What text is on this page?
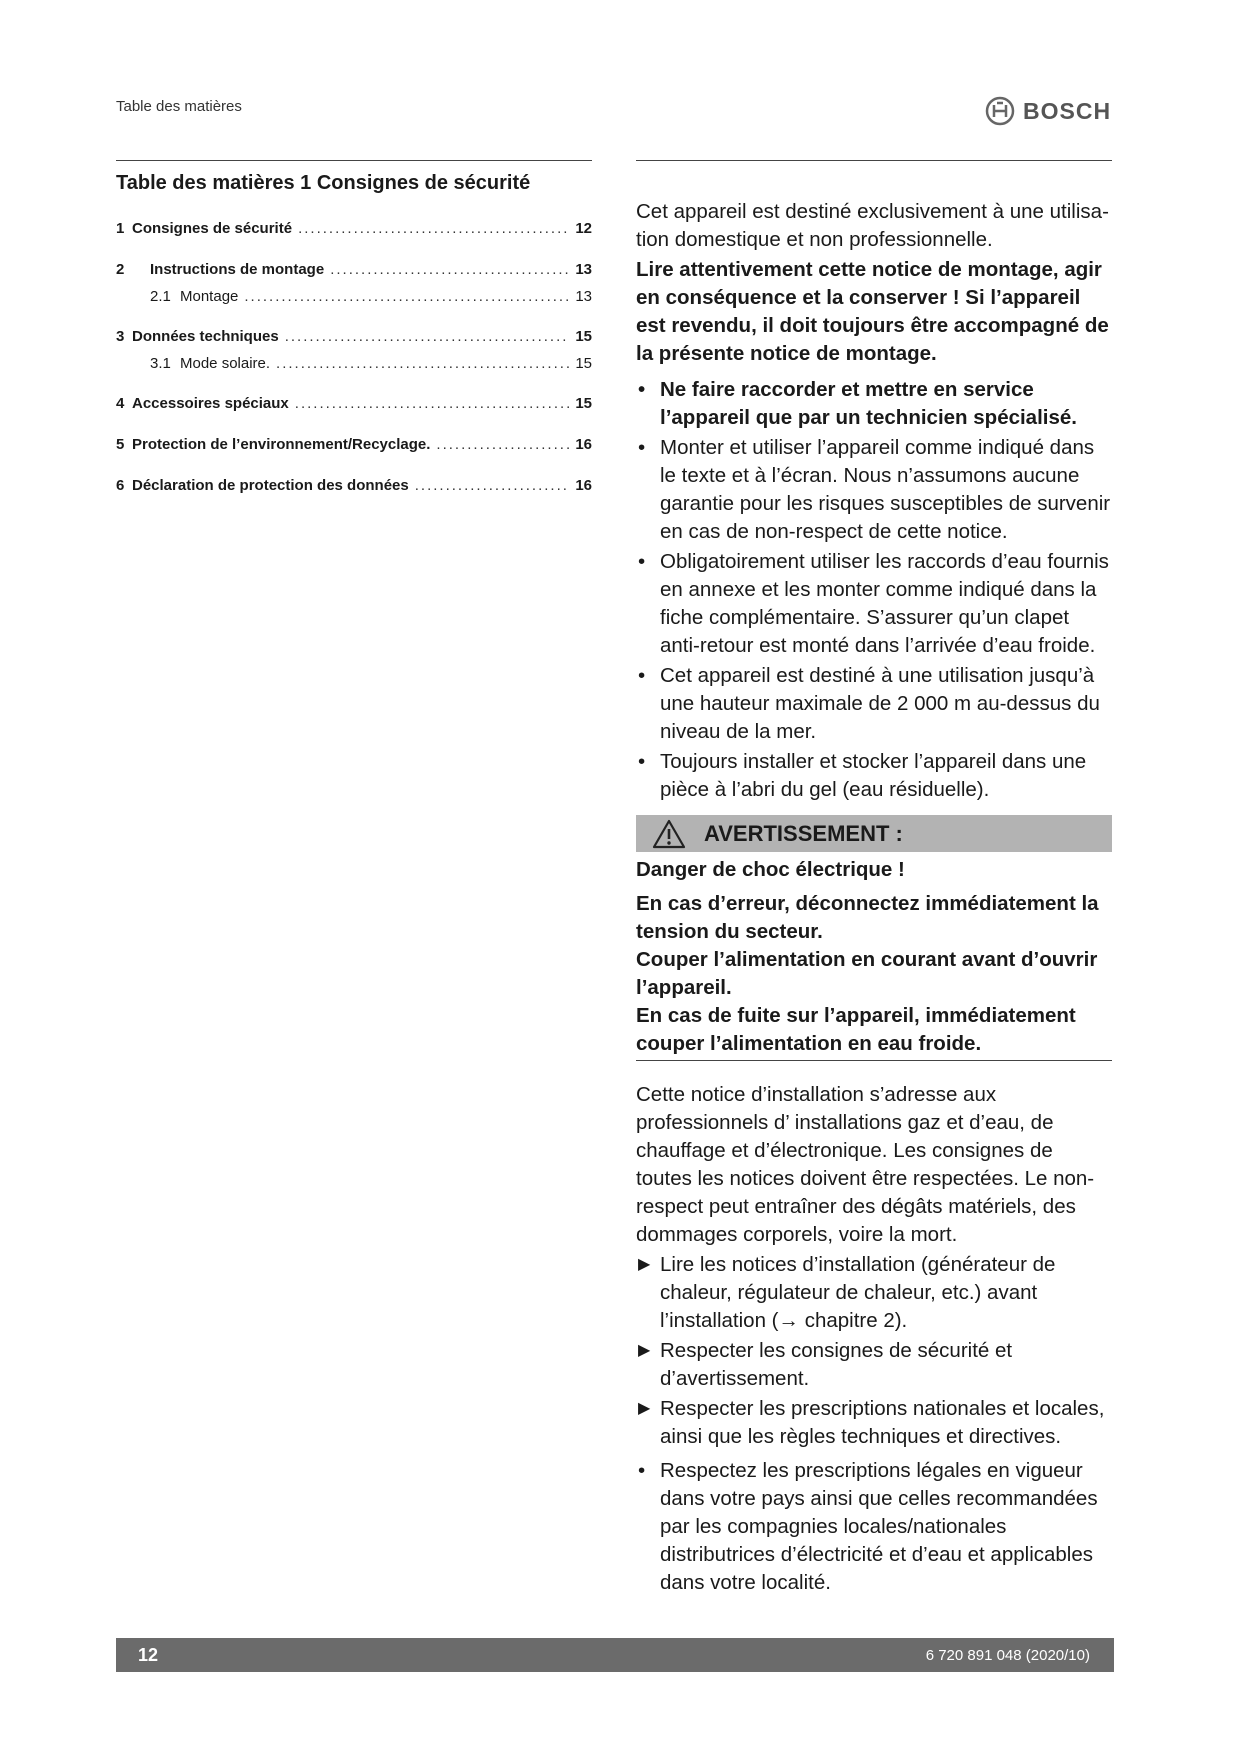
Table des matières	BOSCH
Table des matières 1 Consignes de sécurité
1 Consignes de sécurité .....	12
2	Instructions de montage .....	13
2.1 Montage .....	13
3 Données techniques .....	15
3.1 Mode solaire. .....	15
4 Accessoires spéciaux .....	15
5 Protection de l’environnement/Recyclage. .....	16
6 Déclaration de protection des données .....	16

Cet appareil est destiné exclusivement à une utilisa-
tion domestique et non professionnelle.

Lire attentivement cette notice de montage, agir en conséquence et la conserver ! Si l’appareil est revendu, il doit toujours être accompagné de la présente notice de montage.

• Ne faire raccorder et mettre en service l’appareil que par un technicien spécialisé.
• Monter et utiliser l’appareil comme indiqué dans le texte et à l’écran. Nous n’assumons aucune garantie pour les risques susceptibles de survenir en cas de non-respect de cette notice.
• Obligatoirement utiliser les raccords d’eau fournis en annexe et les monter comme indiqué dans la fiche complémentaire. S’assurer qu’un clapet anti-retour est monté dans l’arrivée d’eau froide.
• Cet appareil est destiné à une utilisation jusqu’à une hauteur maximale de 2 000 m au-dessus du niveau de la mer.
• Toujours installer et stocker l’appareil dans une pièce à l’abri du gel (eau résiduelle).
AVERTISSEMENT :

Danger de choc électrique !

En cas d’erreur, déconnectez immédiatement la tension du secteur.

Couper l’alimentation en courant avant d’ouvrir l’appareil.

En cas de fuite sur l’appareil, immédiatement couper l’alimentation en eau froide.

Cette notice d’installation s’adresse aux professionnels d’ installations gaz et d’eau, de chauffage et d’électronique. Les consignes de toutes les notices doivent être respectées. Le non-respect peut entraîner des dégâts matériels, des dommages corporels, voire la mort.

▶ Lire les notices d’installation (générateur de chaleur, régulateur de chaleur, etc.) avant l’installation (→ chapitre 2).
▶ Respecter les consignes de sécurité et d’avertissement.
▶ Respecter les prescriptions nationales et locales, ainsi que les règles techniques et directives.
• Respectez les prescriptions légales en vigueur dans votre pays ainsi que celles recommandées par les compagnies locales/nationales distributrices d’électricité et d’eau et applicables dans votre localité.
12	6 720 891 048 (2020/10)
